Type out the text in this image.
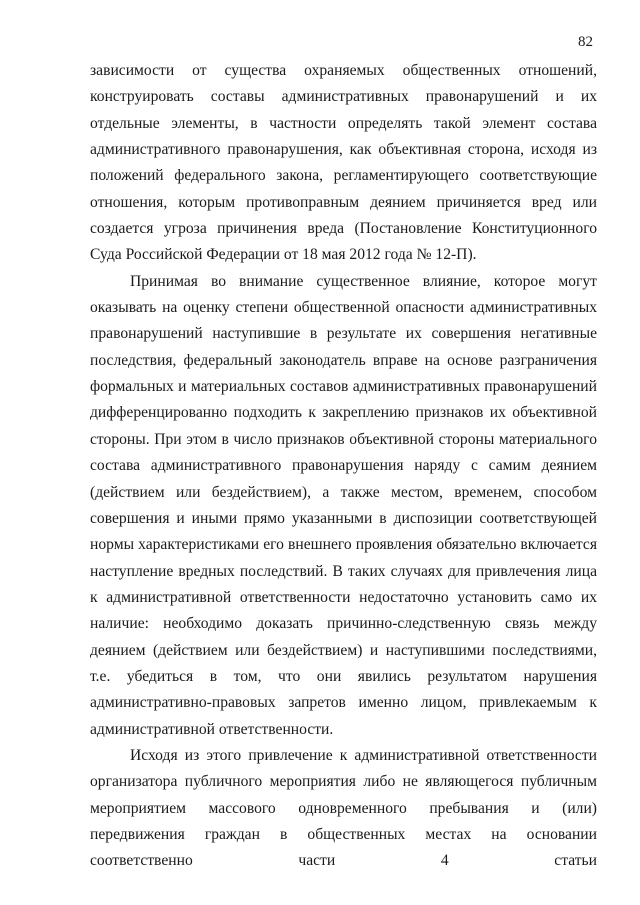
82

зависимости от существа охраняемых общественных отношений, конструировать составы административных правонарушений и их отдельные элементы, в частности определять такой элемент состава административного правонарушения, как объективная сторона, исходя из положений федерального закона, регламентирующего соответствующие отношения, которым противоправным деянием причиняется вред или создается угроза причинения вреда (Постановление Конституционного Суда Российской Федерации от 18 мая 2012 года № 12-П).

Принимая во внимание существенное влияние, которое могут оказывать на оценку степени общественной опасности административных правонарушений наступившие в результате их совершения негативные последствия, федеральный законодатель вправе на основе разграничения формальных и материальных составов административных правонарушений дифференцированно подходить к закреплению признаков их объективной стороны. При этом в число признаков объективной стороны материального состава административного правонарушения наряду с самим деянием (действием или бездействием), а также местом, временем, способом совершения и иными прямо указанными в диспозиции соответствующей нормы характеристиками его внешнего проявления обязательно включается наступление вредных последствий. В таких случаях для привлечения лица к административной ответственности недостаточно установить само их наличие: необходимо доказать причинно-следственную связь между деянием (действием или бездействием) и наступившими последствиями, т.е. убедиться в том, что они явились результатом нарушения административно-правовых запретов именно лицом, привлекаемым к административной ответственности.

Исходя из этого привлечение к административной ответственности организатора публичного мероприятия либо не являющегося публичным мероприятием массового одновременного пребывания и (или) передвижения граждан в общественных местах на основании соответственно части 4 статьи
